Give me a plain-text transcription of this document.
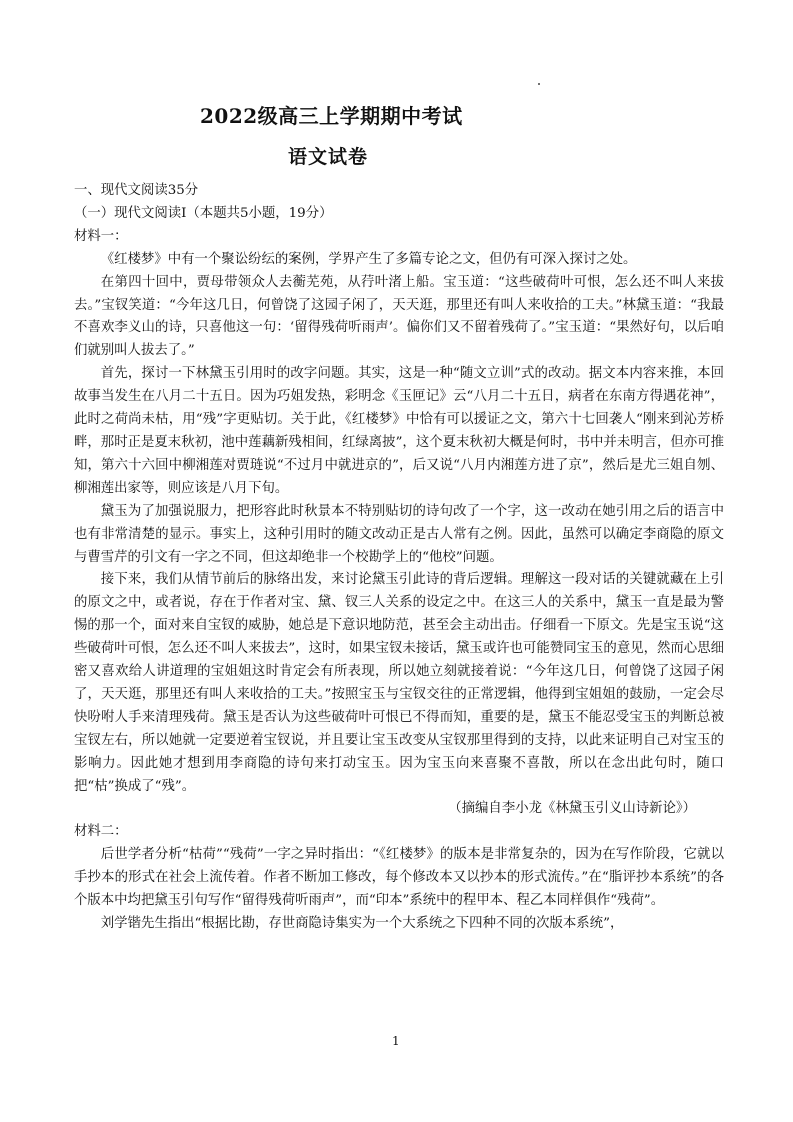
2022级高三上学期期中考试
语文试卷
一、现代文阅读35分
（一）现代文阅读Ⅰ（本题共5小题，19分）
材料一：

《红楼梦》中有一个聚讼纷纭的案例，学界产生了多篇专论之文，但仍有可深入探讨之处。

在第四十回中，贾母带领众人去蘅芜苑，从荇叶渚上船。宝玉道：“这些破荷叶可恨，怎么还不叫人来拔去。”宝钗笑道：“今年这几日，何曾饶了这园子闲了，天天逛，那里还有叫人来收拾的工夫。”林黛玉道：“我最不喜欢李义山的诗，只喜他这一句：‘留得残荷听雨声’。偏你们又不留着残荷了。”宝玉道：“果然好句，以后咱们就别叫人拔去了。”

首先，探讨一下林黛玉引用时的改字问题。其实，这是一种“随文立训”式的改动。据文本内容来推，本回故事当发生在八月二十五日。因为巧姐发热，彩明念《玉匣记》云“八月二十五日，病者在东南方得遇花神”，此时之荷尚未枯，用“残”字更贴切。关于此，《红楼梦》中恰有可以援证之文，第六十七回袭人“刚来到沁芳桥畔，那时正是夏末秋初，池中莲藕新残相间，红绿离披”，这个夏末秋初大概是何时，书中并未明言，但亦可推知，第六十六回中柳湘莲对贾琏说“不过月中就进京的”，后又说“八月内湘莲方进了京”，然后是尤三姐自刎、柳湘莲出家等，则应该是八月下旬。

黛玉为了加强说服力，把形容此时秋景本不特别贴切的诗句改了一个字，这一改动在她引用之后的语言中也有非常清楚的显示。事实上，这种引用时的随文改动正是古人常有之例。因此，虽然可以确定李商隐的原文与曹雪芹的引文有一字之不同，但这却绝非一个校勘学上的“他校”问题。

接下来，我们从情节前后的脉络出发，来讨论黛玉引此诗的背后逻辑。理解这一段对话的关键就藏在上引的原文之中，或者说，存在于作者对宝、黛、钗三人关系的设定之中。在这三人的关系中，黛玉一直是最为警惕的那一个，面对来自宝钗的威胁，她总是下意识地防范，甚至会主动出击。仔细看一下原文。先是宝玉说“这些破荷叶可恨，怎么还不叫人来拔去”，这时，如果宝钗未接话，黛玉或许也可能赞同宝玉的意见，然而心思细密又喜欢给人讲道理的宝姐姐这时肯定会有所表现，所以她立刻就接着说：“今年这几日，何曾饶了这园子闲了，天天逛，那里还有叫人来收拾的工夫。”按照宝玉与宝钗交往的正常逻辑，他得到宝姐姐的鼓励，一定会尽快吩咐人手来清理残荷。黛玉是否认为这些破荷叶可恨已不得而知，重要的是，黛玉不能忍受宝玉的判断总被宝钗左右，所以她就一定要逆着宝钗说，并且要让宝玉改变从宝钗那里得到的支持，以此来证明自己对宝玉的影响力。因此她才想到用李商隐的诗句来打动宝玉。因为宝玉向来喜聚不喜散，所以在念出此句时，随口把“枯”换成了“残”。

（摘编自李小龙《林黛玉引义山诗新论》）
材料二：

后世学者分析“枯荷”“残荷”一字之异时指出：“《红楼梦》的版本是非常复杂的，因为在写作阶段，它就以手抄本的形式在社会上流传着。作者不断加工修改，每个修改本又以抄本的形式流传。”在“脂评抄本系统”的各个版本中均把黛玉引句写作“留得残荷听雨声”，而“印本”系统中的程甲本、程乙本同样俱作“残荷”。

刘学锴先生指出“根据比勘，存世商隐诗集实为一个大系统之下四种不同的次版本系统”，

1
